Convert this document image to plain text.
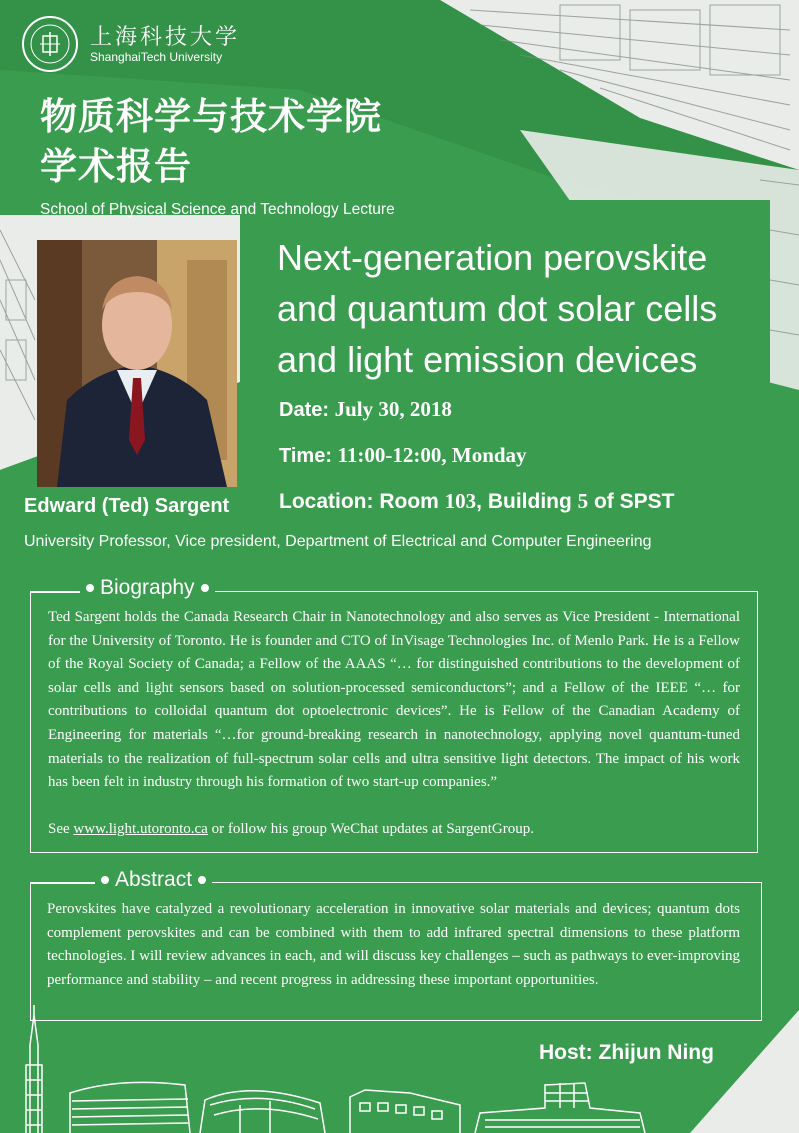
上海科技大学
ShanghaiTech University
物质科学与技术学院
学术报告
School of Physical Science and Technology Lecture
Next-generation perovskite
and quantum dot solar cells
and light emission devices
Date: July 30, 2018
Time: 11:00-12:00, Monday
Location: Room 103, Building 5 of SPST
Edward (Ted) Sargent
University Professor, Vice president, Department of Electrical and Computer Engineering
Biography
Ted Sargent holds the Canada Research Chair in Nanotechnology and also serves as Vice President - International for the University of Toronto. He is founder and CTO of InVisage Technologies Inc. of Menlo Park. He is a Fellow of the Royal Society of Canada; a Fellow of the AAAS “… for distinguished contributions to the development of solar cells and light sensors based on solution-processed semiconductors”; and a Fellow of the IEEE “… for contributions to colloidal quantum dot optoelectronic devices”. He is Fellow of the Canadian Academy of Engineering for materials “…for ground-breaking research in nanotechnology, applying novel quantum-tuned materials to the realization of full-spectrum solar cells and ultra sensitive light detectors. The impact of his work has been felt in industry through his formation of two start-up companies.”
See www.light.utoronto.ca or follow his group WeChat updates at SargentGroup.
Abstract
Perovskites have catalyzed a revolutionary acceleration in innovative solar materials and devices; quantum dots complement perovskites and can be combined with them to add infrared spectral dimensions to these platform technologies. I will review advances in each, and will discuss key challenges – such as pathways to ever-improving performance and stability – and recent progress in addressing these important opportunities.
Host: Zhijun Ning
